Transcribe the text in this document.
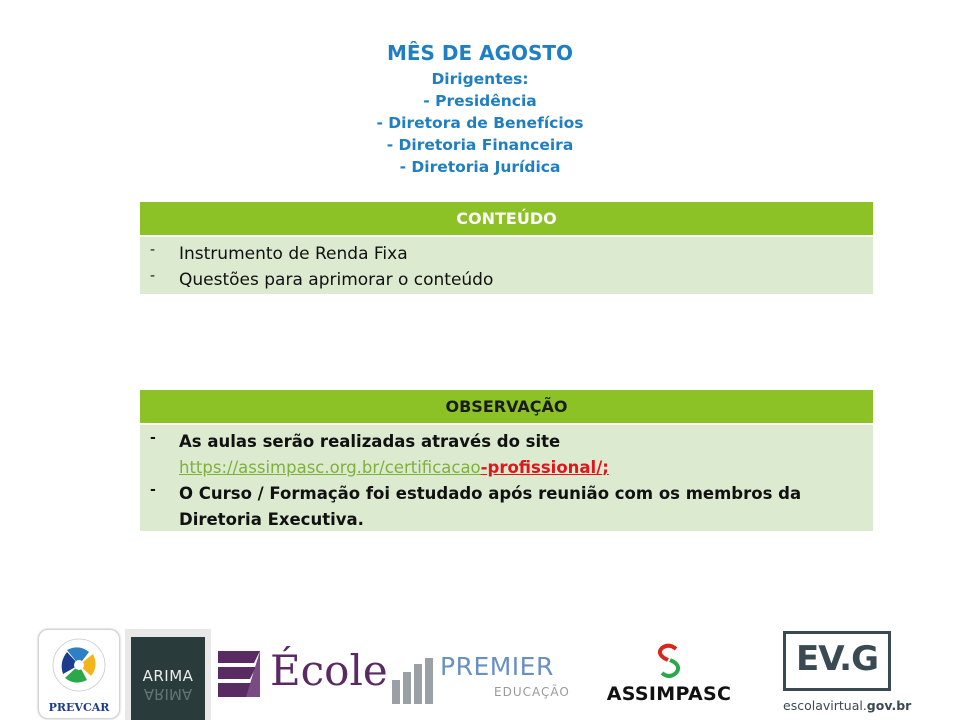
MÊS DE AGOSTO
Dirigentes:
- Presidência
- Diretora de Benefícios
- Diretoria Financeira
- Diretoria Jurídica
CONTEÚDO
- Instrumento de Renda Fixa
- Questões para aprimorar o conteúdo
OBSERVAÇÃO
- As aulas serão realizadas através do site https://assimpasc.org.br/certificacao-profissional/;
- O Curso / Formação foi estudado após reunião com os membros da Diretoria Executiva.
PREVCAR
ARIMA
ARIMA	École PREMIER
EDUCAÇÃO	ASSIMPASC
EV.G
escolavirtual.gov.br
